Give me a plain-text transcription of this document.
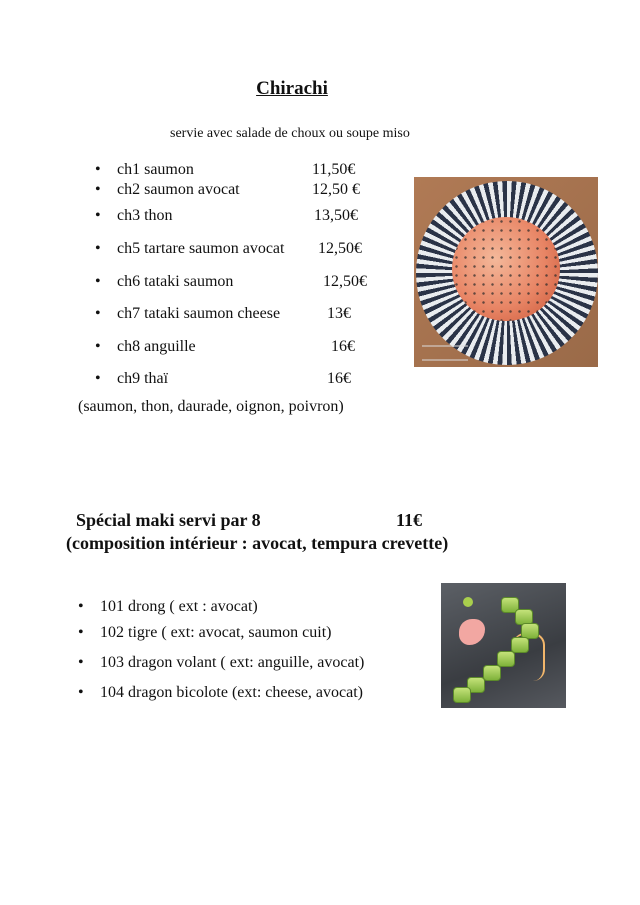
Chirachi
servie avec salade de choux ou soupe miso
• ch1 saumon	11,50€
• ch2 saumon avocat	12,50 €
• ch3 thon	13,50€
• ch5 tartare saumon avocat 12,50€
• ch6 tataki saumon	12,50€
• ch7 tataki saumon cheese	13€
• ch8 anguille	16€
• ch9 thaï	16€
(saumon, thon, daurade, oignon, poivron)
Spécial maki servi par 8	11€
(composition intérieur : avocat, tempura crevette)
• 101 drong ( ext : avocat)
• 102 tigre ( ext: avocat, saumon cuit)
• 103 dragon volant ( ext: anguille, avocat)
• 104 dragon bicolote (ext: cheese, avocat)
